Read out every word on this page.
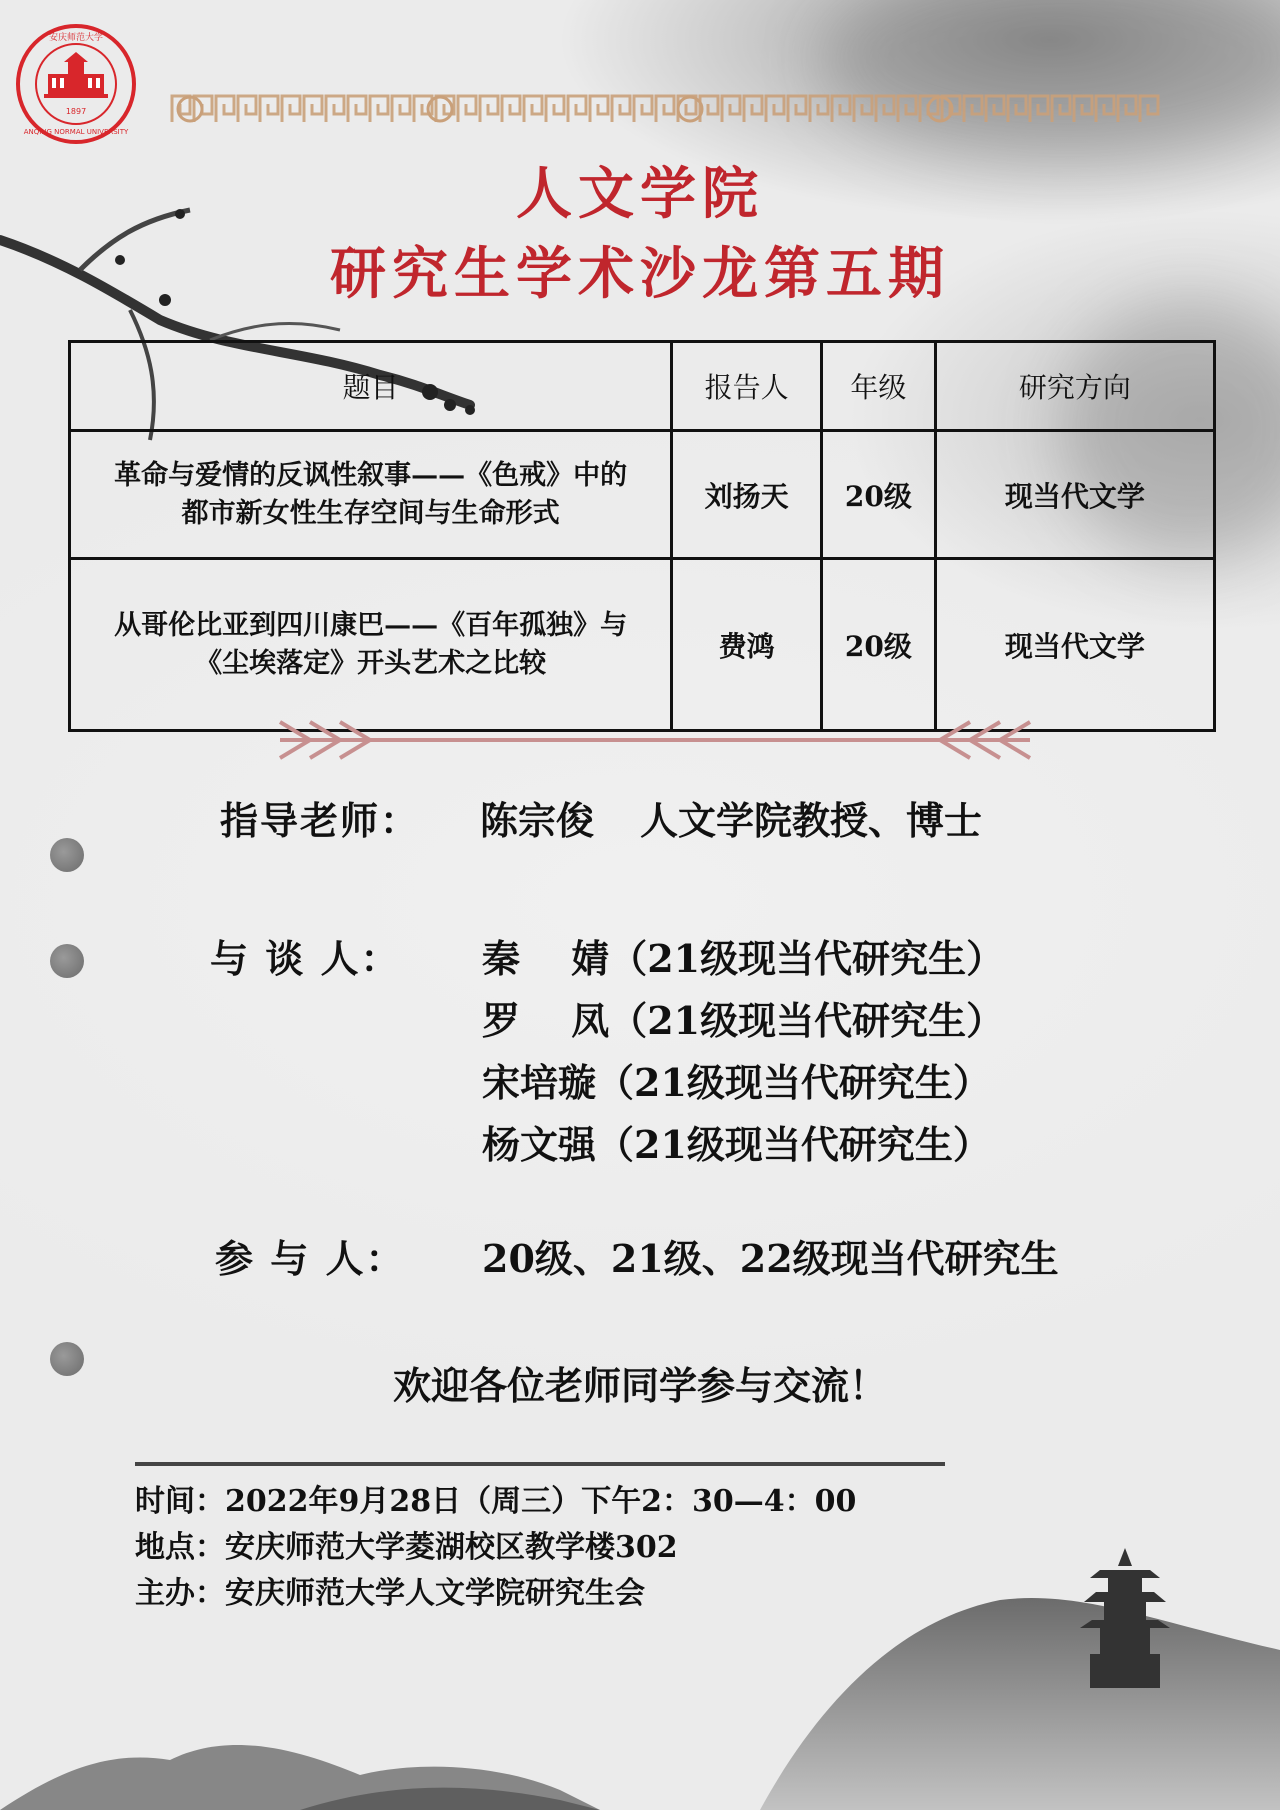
1897
安庆师范大学
ANQING NORMAL UNIVERSITY
人文学院
研究生学术沙龙第五期
题目	报告人	年级	研究方向

革命与爱情的反讽性叙事——《色戒》中的
都市新女性生存空间与生命形式	刘扬天	20级	现当代文学

从哥伦比亚到四川康巴——《百年孤独》与
《尘埃落定》开头艺术之比较	费鸿	20级	现当代文学
指导老师： 陈宗俊 人文学院教授、博士
与 谈 人： 秦　 婧（21级现当代研究生）
罗　 凤（21级现当代研究生）
宋培璇（21级现当代研究生）
杨文强（21级现当代研究生）
参 与 人： 20级、21级、22级现当代研究生
欢迎各位老师同学参与交流！
时间：2022年9月28日（周三）下午2：30—4：00
地点：安庆师范大学菱湖校区教学楼302
主办：安庆师范大学人文学院研究生会
